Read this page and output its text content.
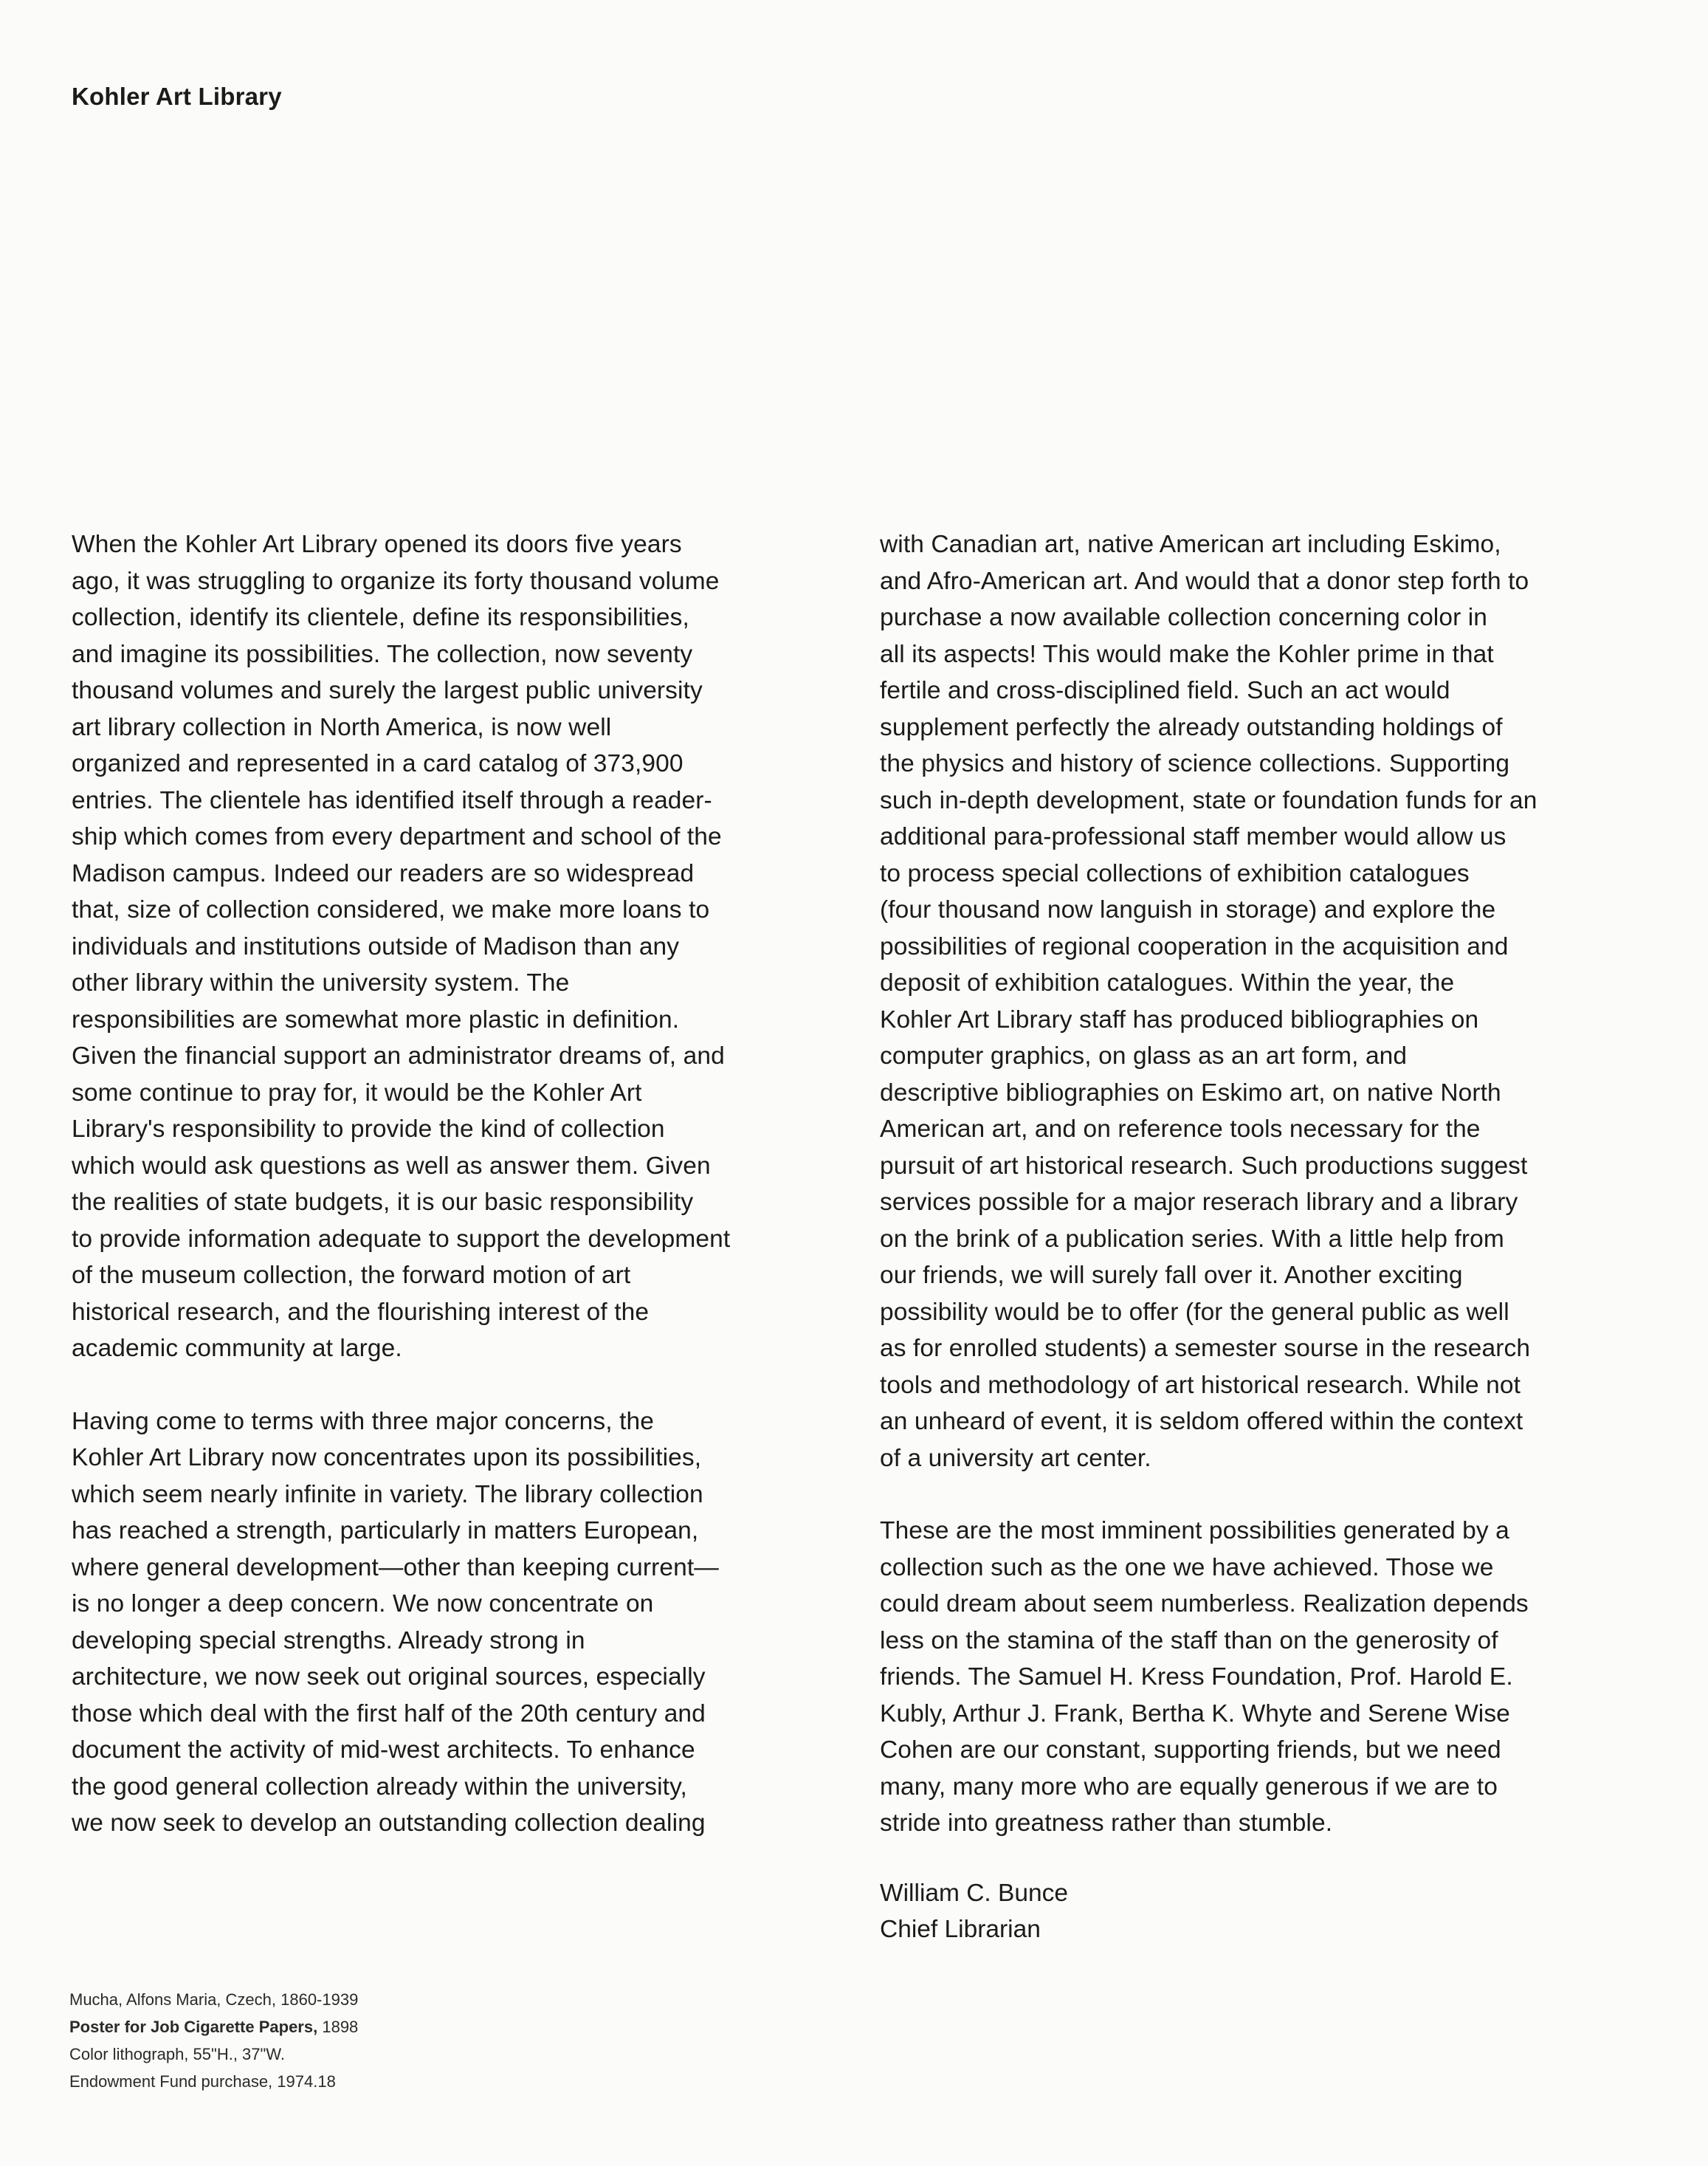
Kohler Art Library

When the Kohler Art Library opened its doors five years
ago, it was struggling to organize its forty thousand volume
collection, identify its clientele, define its responsibilities,
and imagine its possibilities. The collection, now seventy
thousand volumes and surely the largest public university
art library collection in North America, is now well
organized and represented in a card catalog of 373,900
entries. The clientele has identified itself through a reader-
ship which comes from every department and school of the
Madison campus. Indeed our readers are so widespread
that, size of collection considered, we make more loans to
individuals and institutions outside of Madison than any
other library within the university system. The
responsibilities are somewhat more plastic in definition.
Given the financial support an administrator dreams of, and
some continue to pray for, it would be the Kohler Art
Library's responsibility to provide the kind of collection
which would ask questions as well as answer them. Given
the realities of state budgets, it is our basic responsibility
to provide information adequate to support the development
of the museum collection, the forward motion of art
historical research, and the flourishing interest of the
academic community at large.

Having come to terms with three major concerns, the
Kohler Art Library now concentrates upon its possibilities,
which seem nearly infinite in variety. The library collection
has reached a strength, particularly in matters European,
where general development—other than keeping current—
is no longer a deep concern. We now concentrate on
developing special strengths. Already strong in
architecture, we now seek out original sources, especially
those which deal with the first half of the 20th century and
document the activity of mid-west architects. To enhance
the good general collection already within the university,
we now seek to develop an outstanding collection dealing

with Canadian art, native American art including Eskimo,
and Afro-American art. And would that a donor step forth to
purchase a now available collection concerning color in
all its aspects! This would make the Kohler prime in that
fertile and cross-disciplined field. Such an act would
supplement perfectly the already outstanding holdings of
the physics and history of science collections. Supporting
such in-depth development, state or foundation funds for an
additional para-professional staff member would allow us
to process special collections of exhibition catalogues
(four thousand now languish in storage) and explore the
possibilities of regional cooperation in the acquisition and
deposit of exhibition catalogues. Within the year, the
Kohler Art Library staff has produced bibliographies on
computer graphics, on glass as an art form, and
descriptive bibliographies on Eskimo art, on native North
American art, and on reference tools necessary for the
pursuit of art historical research. Such productions suggest
services possible for a major reserach library and a library
on the brink of a publication series. With a little help from
our friends, we will surely fall over it. Another exciting
possibility would be to offer (for the general public as well
as for enrolled students) a semester sourse in the research
tools and methodology of art historical research. While not
an unheard of event, it is seldom offered within the context
of a university art center.

These are the most imminent possibilities generated by a
collection such as the one we have achieved. Those we
could dream about seem numberless. Realization depends
less on the stamina of the staff than on the generosity of
friends. The Samuel H. Kress Foundation, Prof. Harold E.
Kubly, Arthur J. Frank, Bertha K. Whyte and Serene Wise
Cohen are our constant, supporting friends, but we need
many, many more who are equally generous if we are to
stride into greatness rather than stumble.

William C. Bunce
Chief Librarian
Mucha, Alfons Maria, Czech, 1860-1939
Poster for Job Cigarette Papers, 1898
Color lithograph, 55"H., 37"W.
Endowment Fund purchase, 1974.18
